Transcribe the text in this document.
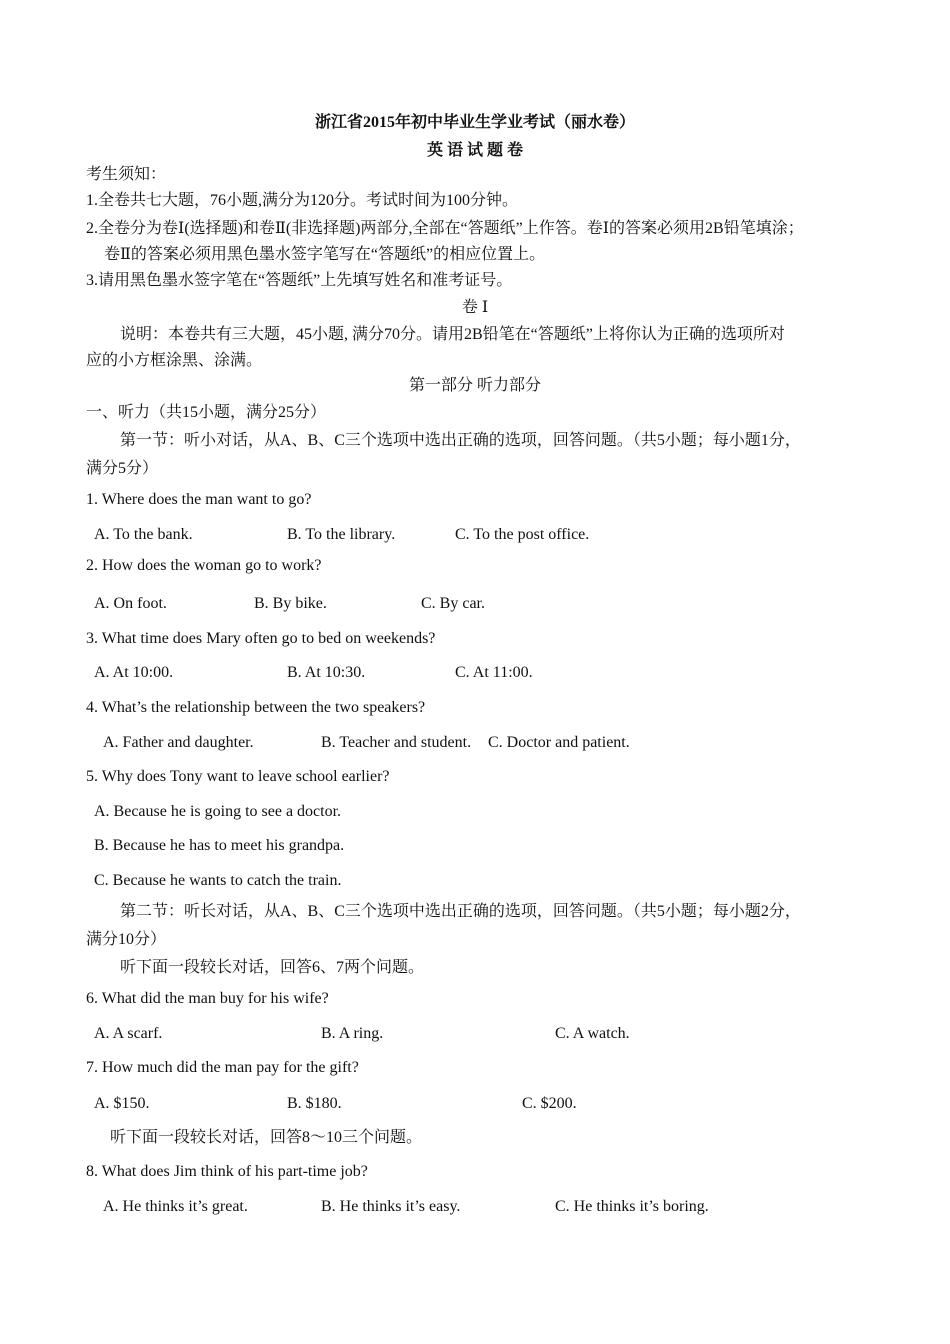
浙江省2015年初中毕业生学业考试（丽水卷）
英 语 试 题 卷
考生须知：
1.全卷共七大题，76小题,满分为120分。考试时间为100分钟。
2.全卷分为卷Ⅰ(选择题)和卷Ⅱ(非选择题)两部分,全部在“答题纸”上作答。卷Ⅰ的答案必须用2B铅笔填涂；
卷Ⅱ的答案必须用黑色墨水签字笔写在“答题纸”的相应位置上。
3.请用黑色墨水签字笔在“答题纸”上先填写姓名和准考证号。
卷 Ⅰ
说明：本卷共有三大题，45小题, 满分70分。请用2B铅笔在“答题纸”上将你认为正确的选项所对
应的小方框涂黑、涂满。
第一部分 听力部分
一、听力（共15小题，满分25分）
第一节：听小对话，从A、B、C三个选项中选出正确的选项，回答问题。（共5小题；每小题1分，
满分5分）
1. Where does the man want to go?
A. To the bank.	B. To the library.	C. To the post office.
2. How does the woman go to work?
A. On foot.	B. By bike.	C. By car.
3. What time does Mary often go to bed on weekends?
A. At 10:00.	B. At 10:30.	C. At 11:00.
4. What’s the relationship between the two speakers?
A. Father and daughter.	B. Teacher and student. C. Doctor and patient.
5. Why does Tony want to leave school earlier?
A. Because he is going to see a doctor.
B. Because he has to meet his grandpa.
C. Because he wants to catch the train.
第二节：听长对话，从A、B、C三个选项中选出正确的选项，回答问题。（共5小题；每小题2分，
满分10分）
听下面一段较长对话，回答6、7两个问题。
6. What did the man buy for his wife?
A. A scarf.	B. A ring.	C. A watch.
7. How much did the man pay for the gift?
A. $150.	B. $180.	C. $200.
听下面一段较长对话，回答8～10三个问题。
8. What does Jim think of his part-time job?
A. He thinks it’s great.	B. He thinks it’s easy.	C. He thinks it’s boring.
